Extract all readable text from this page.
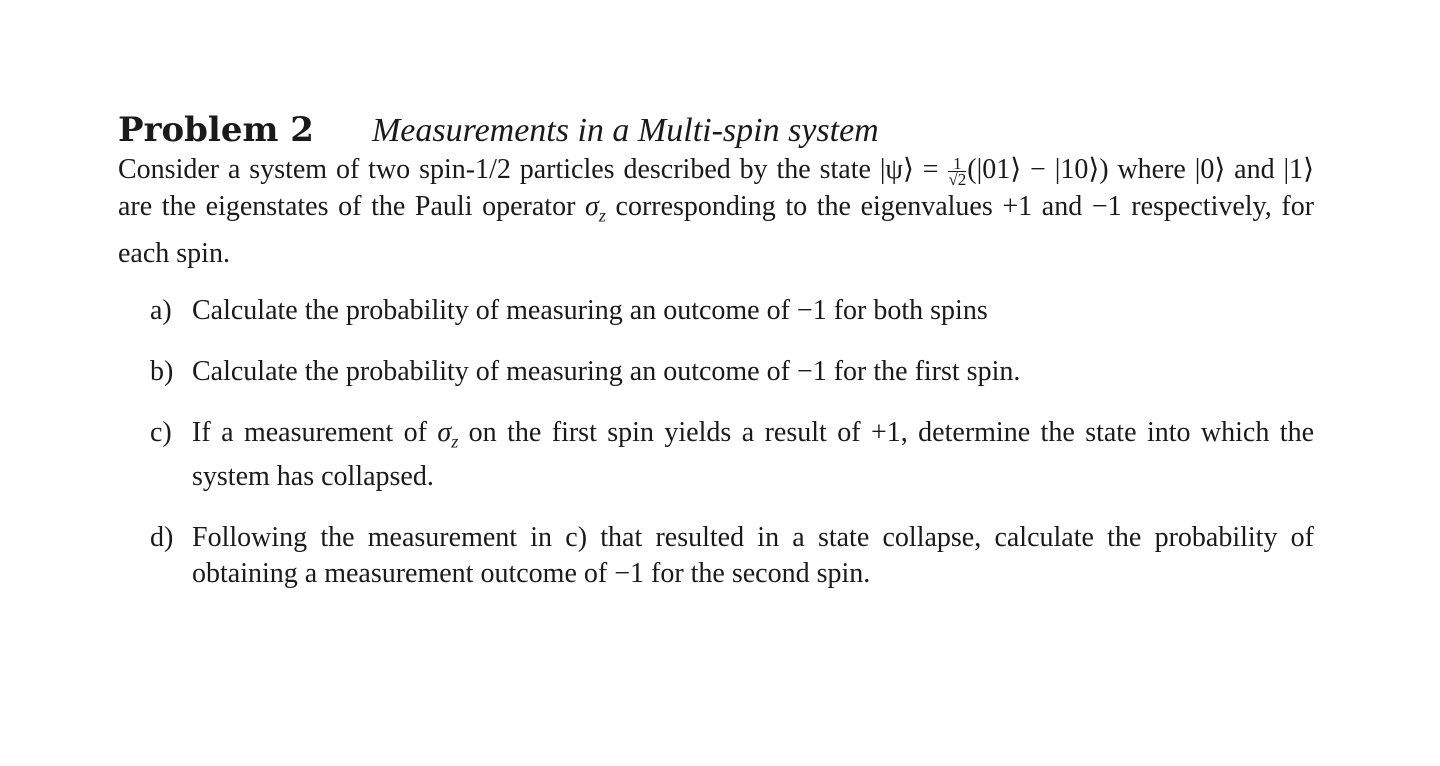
Problem 2 Measurements in a Multi-spin system
Consider a system of two spin-1/2 particles described by the state |ψ⟩ = $\frac{1}{√2}$ (|01⟩ − |10⟩) where |0⟩ and |1⟩ are the eigenstates of the Pauli operator $\sigma_z$ corresponding to the eigenvalues +1 and −1 respectively, for each spin.
a) Calculate the probability of measuring an outcome of −1 for both spins
b) Calculate the probability of measuring an outcome of −1 for the first spin.
c) If a measurement of $\sigma_z$ on the first spin yields a result of +1, determine the state into which the system has collapsed.
d) Following the measurement in c) that resulted in a state collapse, calculate the probability of obtaining a measurement outcome of −1 for the second spin.
